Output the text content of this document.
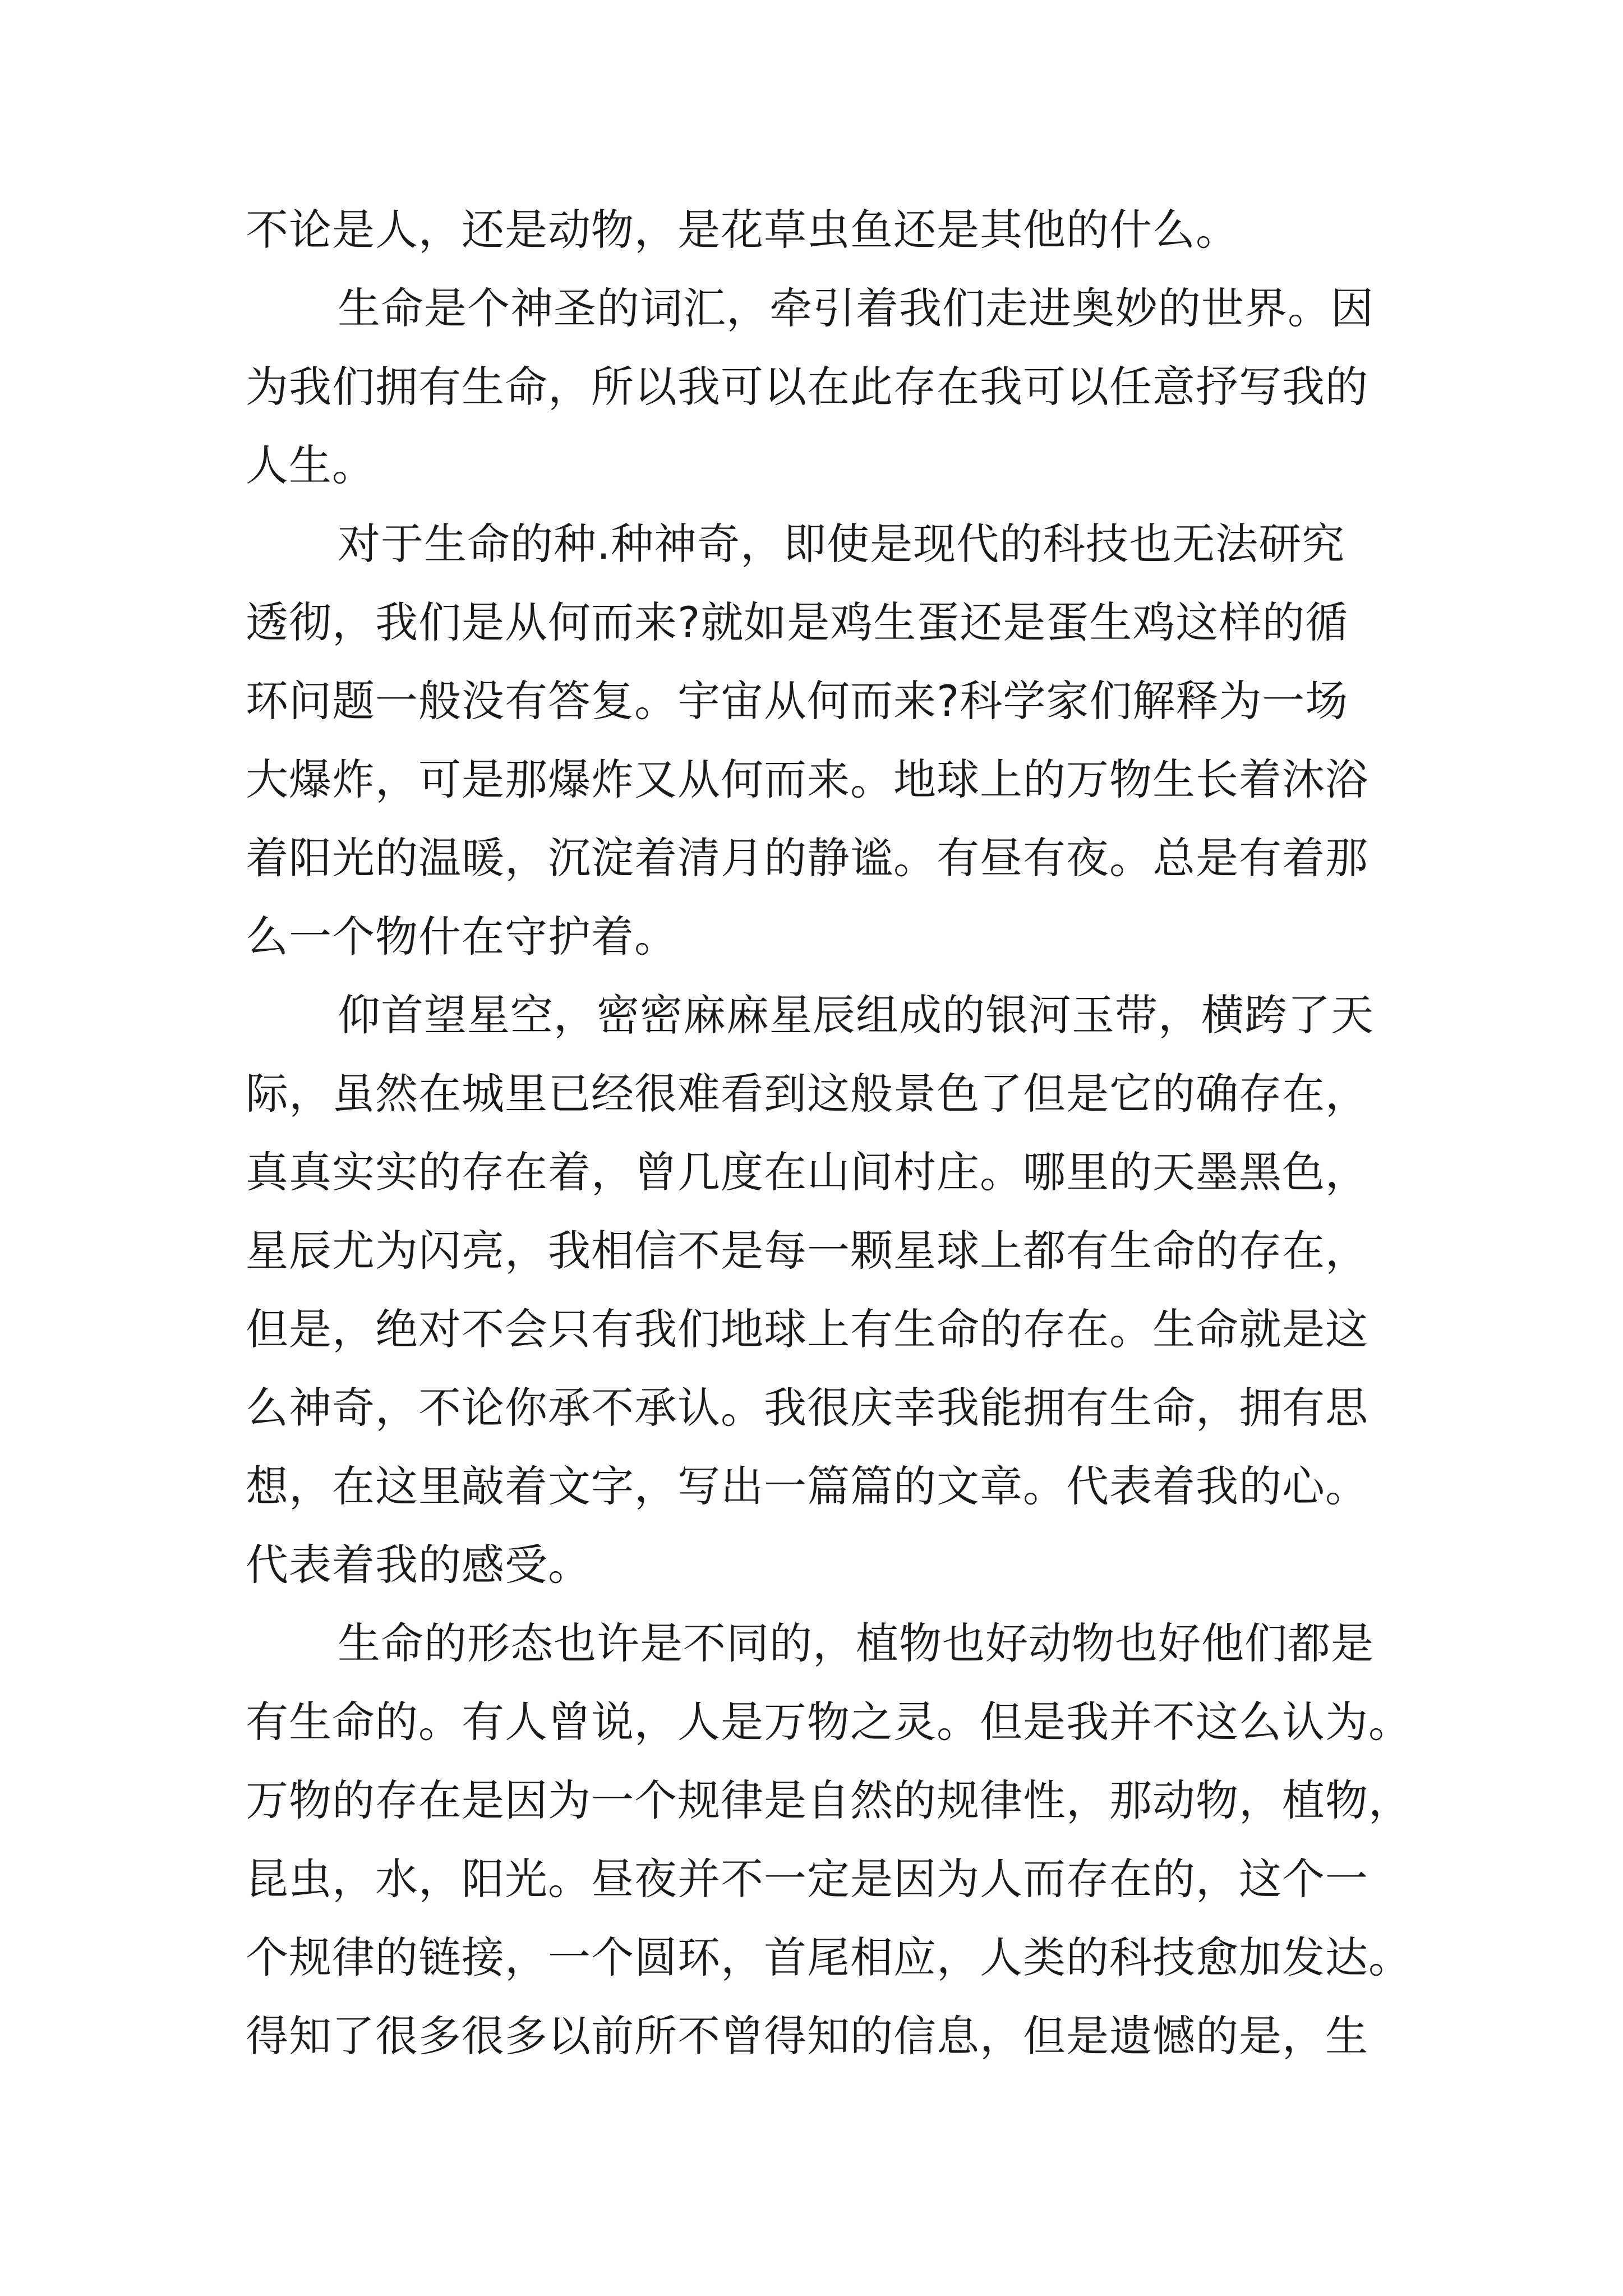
不论是人，还是动物，是花草虫鱼还是其他的什么。
生命是个神圣的词汇，牵引着我们走进奥妙的世界。因
为我们拥有生命，所以我可以在此存在我可以任意抒写我的
人生。
对于生命的种.种神奇，即使是现代的科技也无法研究
透彻，我们是从何而来?就如是鸡生蛋还是蛋生鸡这样的循
环问题一般没有答复。宇宙从何而来?科学家们解释为一场
大爆炸，可是那爆炸又从何而来。地球上的万物生长着沐浴
着阳光的温暖，沉淀着清月的静谧。有昼有夜。总是有着那
么一个物什在守护着。
仰首望星空，密密麻麻星辰组成的银河玉带，横跨了天
际，虽然在城里已经很难看到这般景色了但是它的确存在，
真真实实的存在着，曾几度在山间村庄。哪里的天墨黑色，
星辰尤为闪亮，我相信不是每一颗星球上都有生命的存在，
但是，绝对不会只有我们地球上有生命的存在。生命就是这
么神奇，不论你承不承认。我很庆幸我能拥有生命，拥有思
想，在这里敲着文字，写出一篇篇的文章。代表着我的心。
代表着我的感受。
生命的形态也许是不同的，植物也好动物也好他们都是
有生命的。有人曾说，人是万物之灵。但是我并不这么认为。
万物的存在是因为一个规律是自然的规律性，那动物，植物，
昆虫，水，阳光。昼夜并不一定是因为人而存在的，这个一
个规律的链接，一个圆环，首尾相应，人类的科技愈加发达。
得知了很多很多以前所不曾得知的信息，但是遗憾的是，生
